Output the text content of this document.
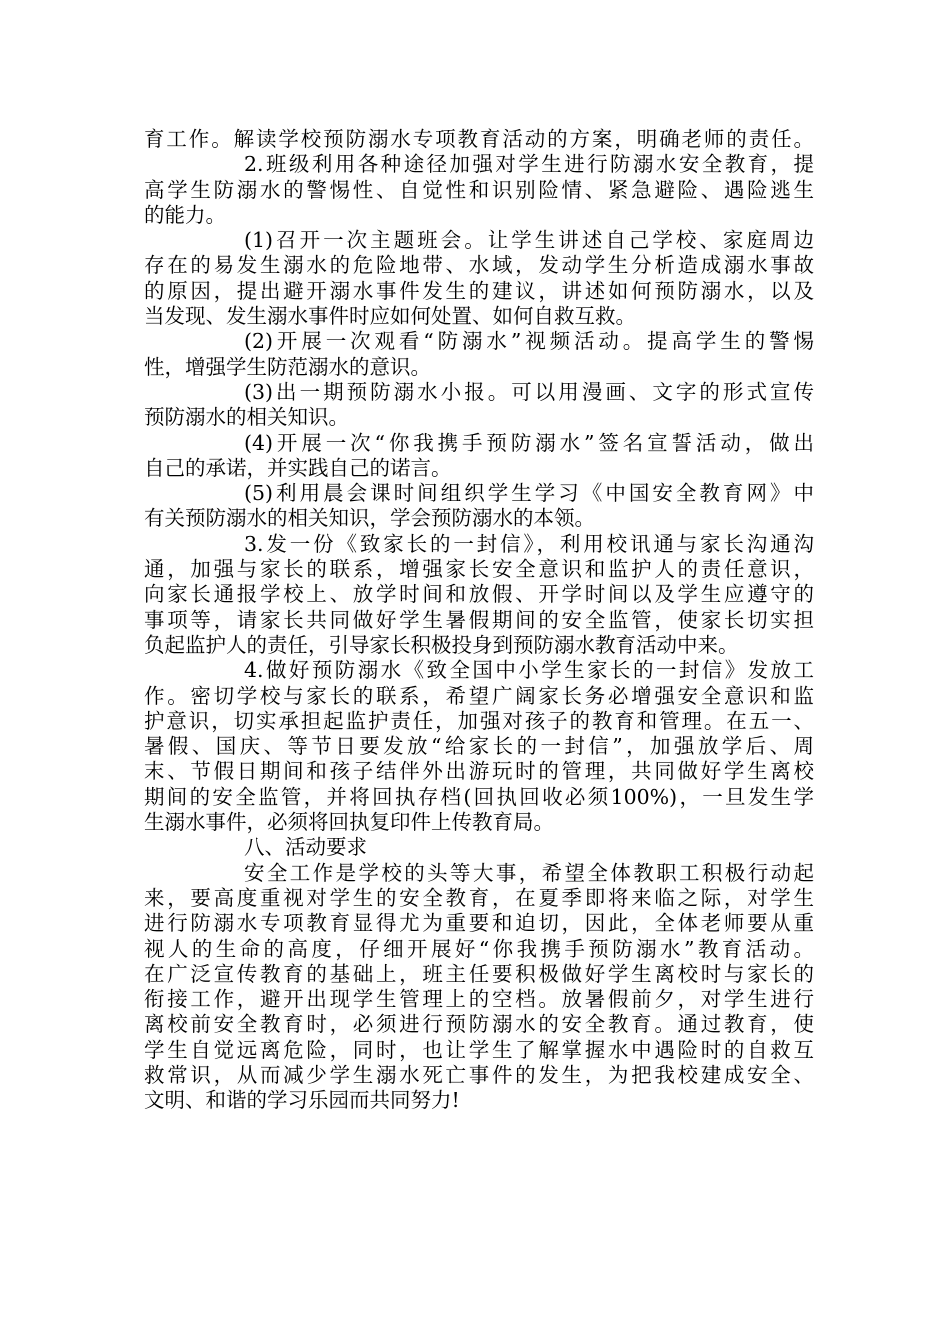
育工作。解读学校预防溺水专项教育活动的方案，明确老师的责任。
2.班级利用各种途径加强对学生进行防溺水安全教育，提
高学生防溺水的警惕性、自觉性和识别险情、紧急避险、遇险逃生
的能力。
(1)召开一次主题班会。让学生讲述自己学校、家庭周边
存在的易发生溺水的危险地带、水域，发动学生分析造成溺水事故
的原因，提出避开溺水事件发生的建议，讲述如何预防溺水，以及
当发现、发生溺水事件时应如何处置、如何自救互救。
(2)开展一次观看“防溺水”视频活动。提高学生的警惕
性，增强学生防范溺水的意识。
(3)出一期预防溺水小报。可以用漫画、文字的形式宣传
预防溺水的相关知识。
(4)开展一次“你我携手预防溺水”签名宣誓活动，做出
自己的承诺，并实践自己的诺言。
(5)利用晨会课时间组织学生学习《中国安全教育网》中
有关预防溺水的相关知识，学会预防溺水的本领。
3.发一份《致家长的一封信》，利用校讯通与家长沟通沟
通，加强与家长的联系，增强家长安全意识和监护人的责任意识，
向家长通报学校上、放学时间和放假、开学时间以及学生应遵守的
事项等，请家长共同做好学生暑假期间的安全监管，使家长切实担
负起监护人的责任，引导家长积极投身到预防溺水教育活动中来。
4.做好预防溺水《致全国中小学生家长的一封信》发放工
作。密切学校与家长的联系，希望广阔家长务必增强安全意识和监
护意识，切实承担起监护责任，加强对孩子的教育和管理。在五一、
暑假、国庆、等节日要发放“给家长的一封信”，加强放学后、周
末、节假日期间和孩子结伴外出游玩时的管理，共同做好学生离校
期间的安全监管，并将回执存档(回执回收必须100%)，一旦发生学
生溺水事件，必须将回执复印件上传教育局。
八、活动要求
安全工作是学校的头等大事，希望全体教职工积极行动起
来，要高度重视对学生的安全教育，在夏季即将来临之际，对学生
进行防溺水专项教育显得尤为重要和迫切，因此，全体老师要从重
视人的生命的高度，仔细开展好“你我携手预防溺水”教育活动。
在广泛宣传教育的基础上，班主任要积极做好学生离校时与家长的
衔接工作，避开出现学生管理上的空档。放暑假前夕，对学生进行
离校前安全教育时，必须进行预防溺水的安全教育。通过教育，使
学生自觉远离危险，同时，也让学生了解掌握水中遇险时的自救互
救常识，从而减少学生溺水死亡事件的发生，为把我校建成安全、
文明、和谐的学习乐园而共同努力!
